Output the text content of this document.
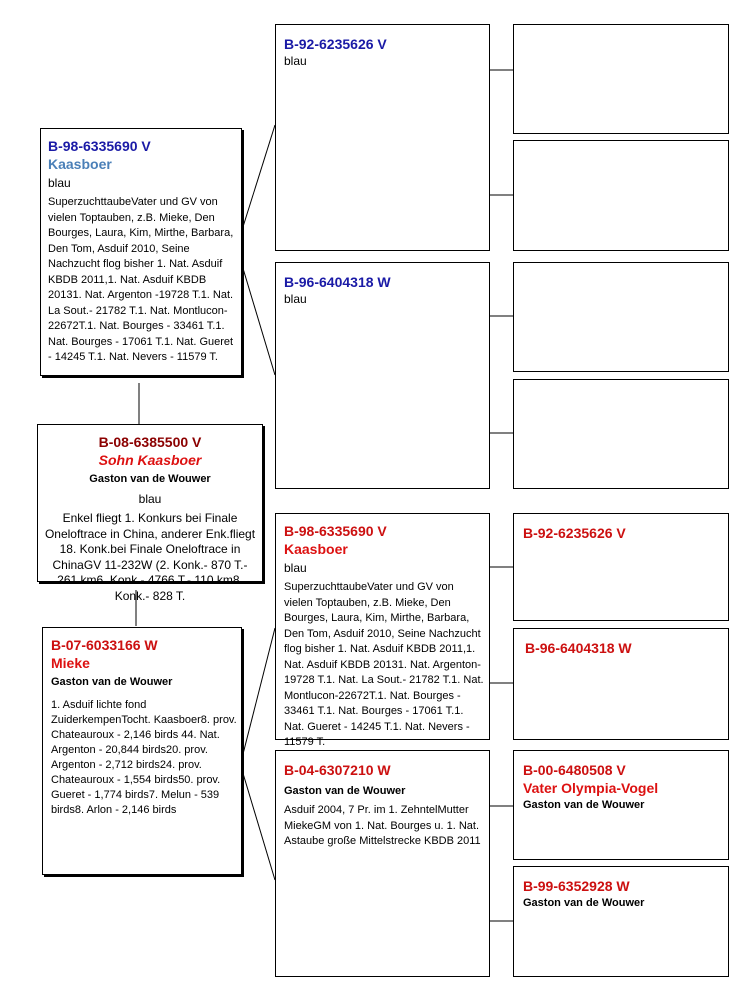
B-98-6335690 V
Kaasboer
blau
SuperzuchttaubeVater und GV von vielen Toptauben, z.B. Mieke, Den Bourges, Laura, Kim, Mirthe, Barbara, Den Tom, Asduif 2010, Seine Nachzucht flog bisher 1. Nat. Asduif KBDB 2011,1. Nat. Asduif KBDB 20131. Nat. Argenton -19728 T.1. Nat. La Sout.- 21782 T.1. Nat. Montlucon-22672T.1. Nat. Bourges - 33461 T.1. Nat. Bourges - 17061 T.1. Nat. Gueret - 14245 T.1. Nat. Nevers - 11579 T.
B-08-6385500 V
Sohn Kaasboer
Gaston van de Wouwer
blau
Enkel fliegt 1. Konkurs bei Finale Oneloftrace in China, anderer Enk.fliegt 18. Konk.bei Finale Oneloftrace in ChinaGV 11-232W (2. Konk.- 870 T.- 261 km6. Konk.- 4766 T.- 110 km8. Konk.- 828 T.
B-07-6033166 W
Mieke
Gaston van de Wouwer
1. Asduif lichte fond ZuiderkempenTocht. Kaasboer8. prov. Chateauroux - 2,146 birds 44. Nat. Argenton - 20,844 birds20. prov. Argenton - 2,712 birds24. prov. Chateauroux - 1,554 birds50. prov. Gueret - 1,774 birds7. Melun - 539 birds8. Arlon - 2,146 birds
B-92-6235626 V
blau
B-96-6404318 W
blau
B-98-6335690 V
Kaasboer
blau
SuperzuchttaubeVater und GV von vielen Toptauben, z.B. Mieke, Den Bourges, Laura, Kim, Mirthe, Barbara, Den Tom, Asduif 2010, Seine Nachzucht flog bisher 1. Nat. Asduif KBDB 2011,1. Nat. Asduif KBDB 20131. Nat. Argenton-19728 T.1. Nat. La Sout.- 21782 T.1. Nat. Montlucon-22672T.1. Nat. Bourges - 33461 T.1. Nat. Bourges - 17061 T.1. Nat. Gueret - 14245 T.1. Nat. Nevers - 11579 T.
B-04-6307210 W
Gaston van de Wouwer
Asduif 2004, 7 Pr. im 1. ZehntelMutter MiekeGM von 1. Nat. Bourges u. 1. Nat. Astaube große Mittelstrecke KBDB 2011
B-92-6235626 V
B-96-6404318 W
B-00-6480508 V
Vater Olympia-Vogel
Gaston van de Wouwer
B-99-6352928 W
Gaston van de Wouwer
